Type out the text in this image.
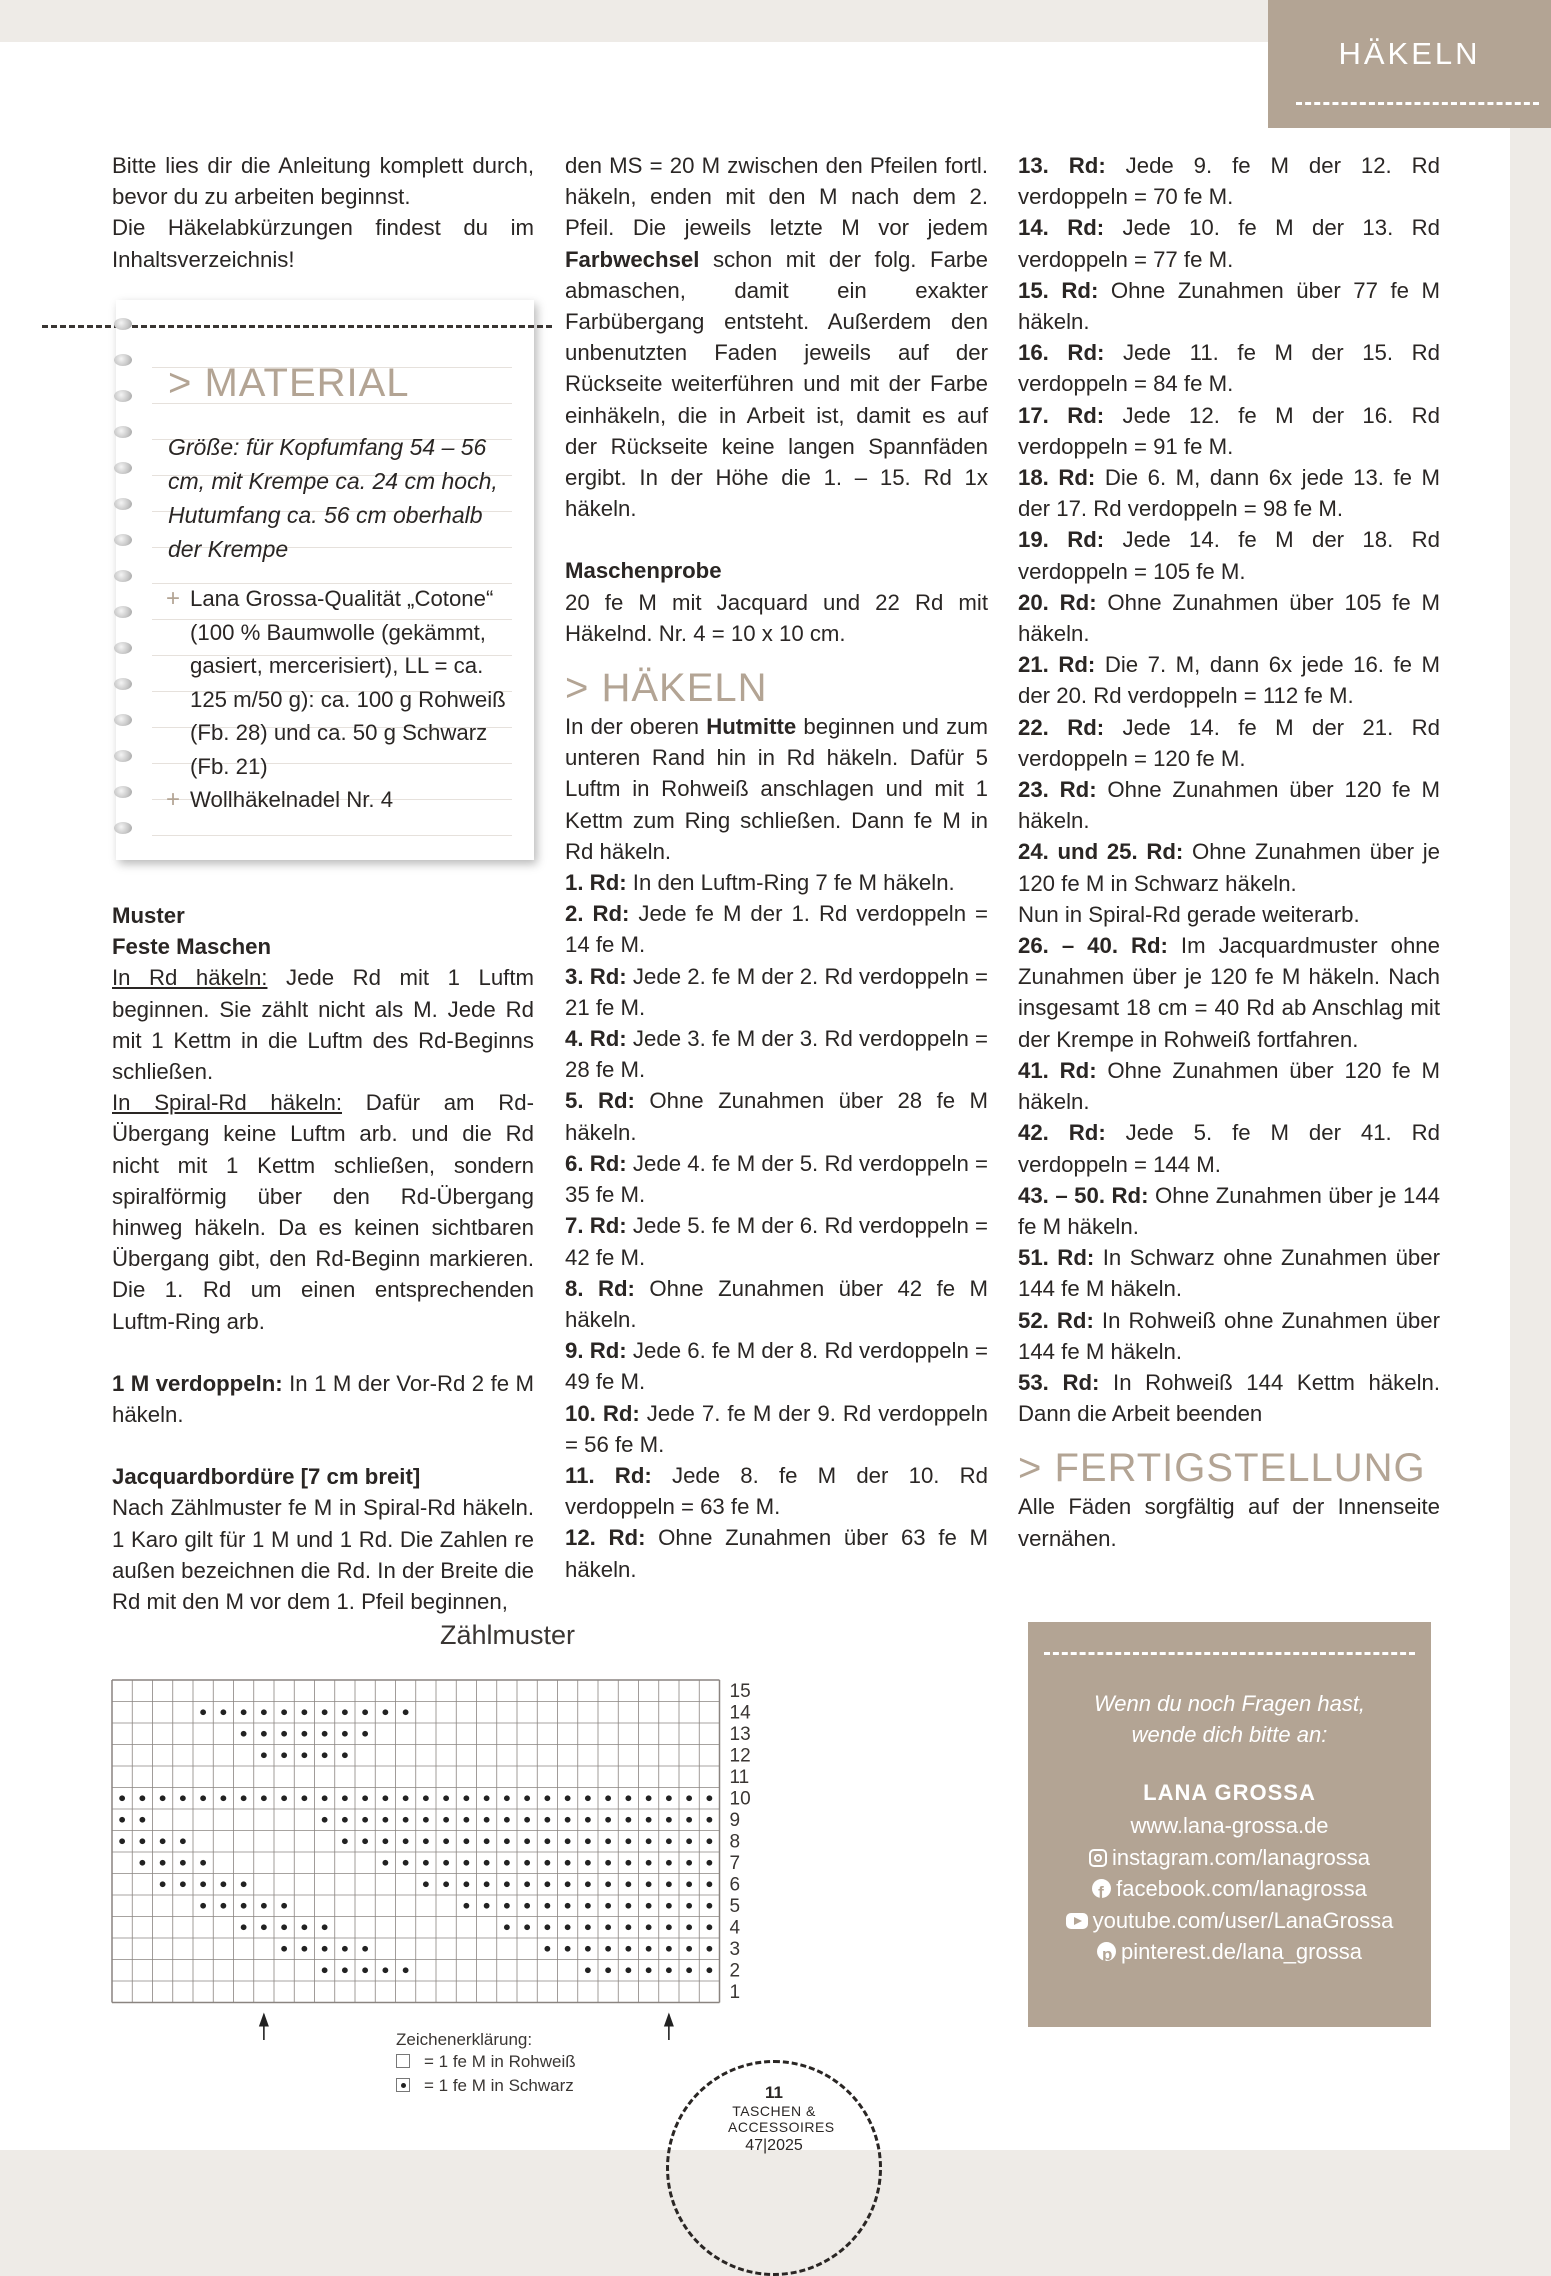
HÄKELN

Bitte lies dir die Anleitung komplett durch, bevor du zu arbeiten beginnst.

Die Häkelabkürzungen findest du im Inhaltsverzeichnis!

> MATERIAL
Größe: für Kopfumfang 54 – 56 cm, mit Krempe ca. 24 cm hoch, Hutumfang ca. 56 cm oberhalb der Krempe
+ Lana Grossa-Qualität „Cotone“ (100 % Baumwolle (gekämmt, gasiert, mercerisiert), LL = ca. 125 m/50 g): ca. 100 g Rohweiß (Fb. 28) und ca. 50 g Schwarz (Fb. 21)
+ Wollhäkelnadel Nr. 4

Muster

Feste Maschen

In Rd häkeln: Jede Rd mit 1 Luftm beginnen. Sie zählt nicht als M. Jede Rd mit 1 Kettm in die Luftm des Rd-Beginns schließen.

In Spiral-Rd häkeln: Dafür am Rd-Übergang keine Luftm arb. und die Rd nicht mit 1 Kettm schließen, sondern spiralförmig über den Rd-Übergang hinweg häkeln. Da es keinen sichtbaren Übergang gibt, den Rd-Beginn markieren. Die 1. Rd um einen entsprechenden Luftm-Ring arb.

1 M verdoppeln: In 1 M der Vor-Rd 2 fe M häkeln.

Jacquardbordüre [7 cm breit]

Nach Zählmuster fe M in Spiral-Rd häkeln. 1 Karo gilt für 1 M und 1 Rd. Die Zahlen re außen bezeichnen die Rd. In der Breite die Rd mit den M vor dem 1. Pfeil beginnen,

den MS = 20 M zwischen den Pfeilen fortl. häkeln, enden mit den M nach dem 2. Pfeil. Die jeweils letzte M vor jedem Farbwechsel schon mit der folg. Farbe abmaschen, damit ein exakter Farbübergang entsteht. Außerdem den unbenutzten Faden jeweils auf der Rückseite weiterführen und mit der Farbe einhäkeln, die in Arbeit ist, damit es auf der Rückseite keine langen Spannfäden ergibt. In der Höhe die 1. – 15. Rd 1x häkeln.

Maschenprobe

20 fe M mit Jacquard und 22 Rd mit Häkelnd. Nr. 4 = 10 x 10 cm.

> HÄKELN

In der oberen Hutmitte beginnen und zum unteren Rand hin in Rd häkeln. Dafür 5 Luftm in Rohweiß anschlagen und mit 1 Kettm zum Ring schließen. Dann fe M in Rd häkeln.

1. Rd: In den Luftm-Ring 7 fe M häkeln.

2. Rd: Jede fe M der 1. Rd verdoppeln = 14 fe M.

3. Rd: Jede 2. fe M der 2. Rd verdoppeln = 21 fe M.

4. Rd: Jede 3. fe M der 3. Rd verdoppeln = 28 fe M.

5. Rd: Ohne Zunahmen über 28 fe M häkeln.

6. Rd: Jede 4. fe M der 5. Rd verdoppeln = 35 fe M.

7. Rd: Jede 5. fe M der 6. Rd verdoppeln = 42 fe M.

8. Rd: Ohne Zunahmen über 42 fe M häkeln.

9. Rd: Jede 6. fe M der 8. Rd verdoppeln = 49 fe M.

10. Rd: Jede 7. fe M der 9. Rd verdoppeln = 56 fe M.

11. Rd: Jede 8. fe M der 10. Rd verdoppeln = 63 fe M.

12. Rd: Ohne Zunahmen über 63 fe M häkeln.

13. Rd: Jede 9. fe M der 12. Rd verdoppeln = 70 fe M.

14. Rd: Jede 10. fe M der 13. Rd verdoppeln = 77 fe M.

15. Rd: Ohne Zunahmen über 77 fe M häkeln.

16. Rd: Jede 11. fe M der 15. Rd verdoppeln = 84 fe M.

17. Rd: Jede 12. fe M der 16. Rd verdoppeln = 91 fe M.

18. Rd: Die 6. M, dann 6x jede 13. fe M der 17. Rd verdoppeln = 98 fe M.

19. Rd: Jede 14. fe M der 18. Rd verdoppeln = 105 fe M.

20. Rd: Ohne Zunahmen über 105 fe M häkeln.

21. Rd: Die 7. M, dann 6x jede 16. fe M der 20. Rd verdoppeln = 112 fe M.

22. Rd: Jede 14. fe M der 21. Rd verdoppeln = 120 fe M.

23. Rd: Ohne Zunahmen über 120 fe M häkeln.

24. und 25. Rd: Ohne Zunahmen über je 120 fe M in Schwarz häkeln.

Nun in Spiral-Rd gerade weiterarb.

26. – 40. Rd: Im Jacquardmuster ohne Zunahmen über je 120 fe M häkeln. Nach insgesamt 18 cm = 40 Rd ab Anschlag mit der Krempe in Rohweiß fortfahren.

41. Rd: Ohne Zunahmen über 120 fe M häkeln.

42. Rd: Jede 5. fe M der 41. Rd verdoppeln = 144 M.

43. – 50. Rd: Ohne Zunahmen über je 144 fe M häkeln.

51. Rd: In Schwarz ohne Zunahmen über 144 fe M häkeln.

52. Rd: In Rohweiß ohne Zunahmen über 144 fe M häkeln.

53. Rd: In Rohweiß 144 Kettm häkeln. Dann die Arbeit beenden

> FERTIGSTELLUNG

Alle Fäden sorgfältig auf der Innenseite vernähen.

Zählmuster
15
14
13
12
11
10
9
8
7
6
5
4
3
2
1
Zeichenerklärung:
= 1 fe M in Rohweiß
= 1 fe M in Schwarz
Wenn du noch Fragen hast, wende dich bitte an:
LANA GROSSA
www.lana-grossa.de
instagram.com/lanagrossa
ffacebook.com/lanagrossa
youtube.com/user/LanaGrossa
ppinterest.de/lana_grossa
11
TASCHEN & ACCESSOIRES
47|2025
